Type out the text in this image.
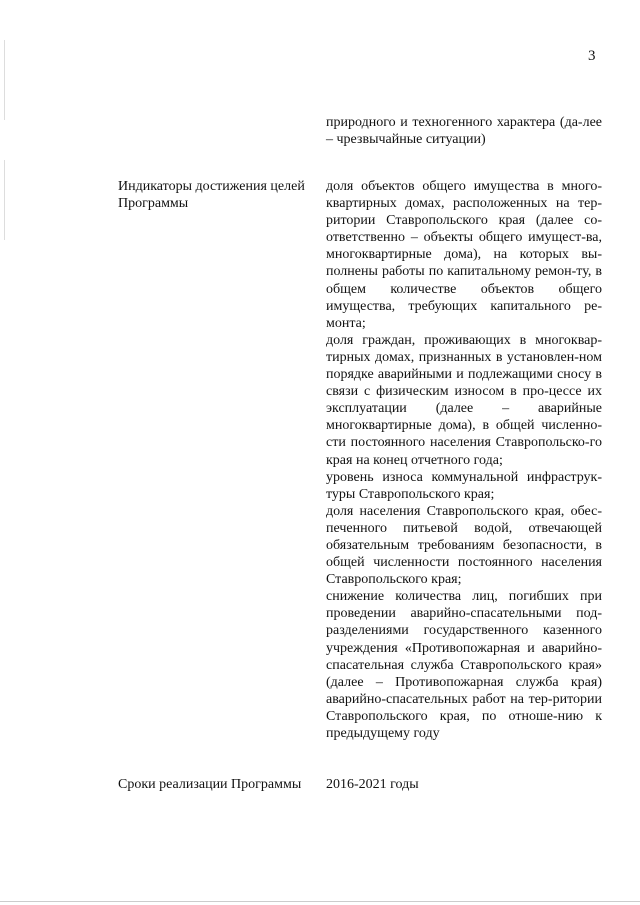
3
природного и техногенного характера (да-лее – чрезвычайные ситуации)
Индикаторы достижения целей Программы
доля объектов общего имущества в много-квартирных домах, расположенных на тер-ритории Ставропольского края (далее со-ответственно – объекты общего имущест-ва, многоквартирные дома), на которых вы-полнены работы по капитальному ремон-ту, в общем количестве объектов общего имущества, требующих капитального ре-монта;
доля граждан, проживающих в многоквар-тирных домах, признанных в установлен-ном порядке аварийными и подлежащими сносу в связи с физическим износом в про-цессе их эксплуатации (далее – аварийные многоквартирные дома), в общей численно-сти постоянного населения Ставропольско-го края на конец отчетного года;
уровень износа коммунальной инфраструк-туры Ставропольского края;
доля населения Ставропольского края, обес-печенного питьевой водой, отвечающей обязательным требованиям безопасности, в общей численности постоянного населения Ставропольского края;
снижение количества лиц, погибших при проведении аварийно-спасательными под-разделениями государственного казенного учреждения «Противопожарная и аварийно-спасательная служба Ставропольского края» (далее – Противопожарная служба края) аварийно-спасательных работ на тер-ритории Ставропольского края, по отноше-нию к предыдущему году
Сроки реализации Программы	2016-2021 годы
